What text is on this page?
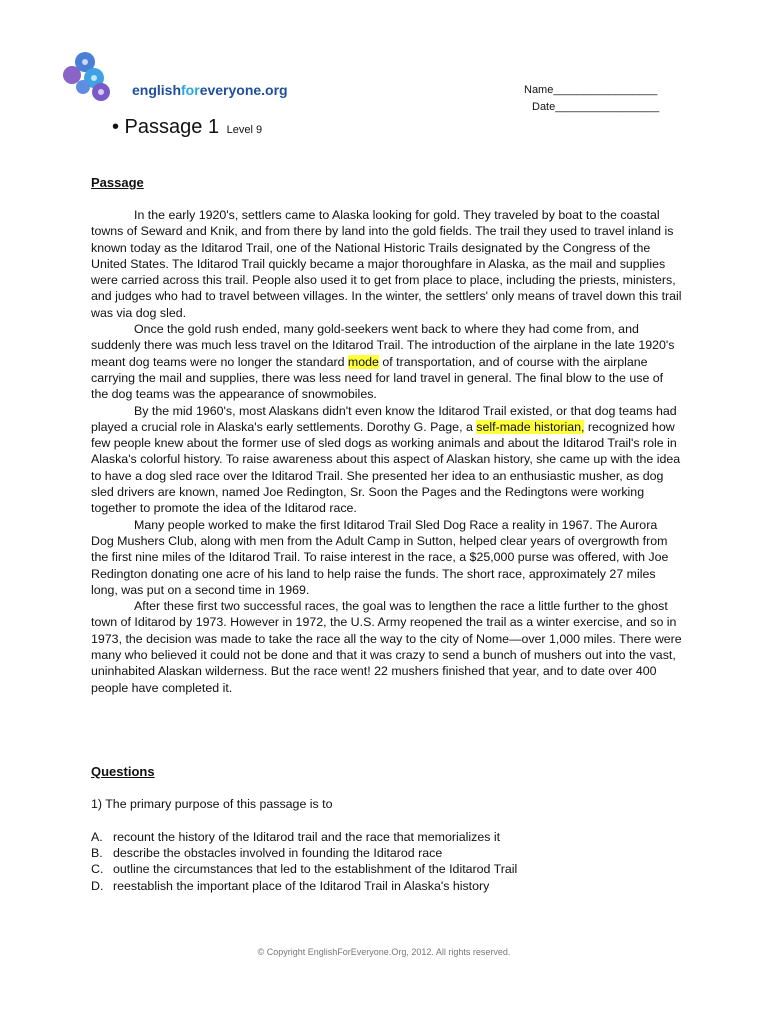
englishforeveryone.org	Name_________________
Date_________________
• Passage 1 Level 9
Passage

In the early 1920's, settlers came to Alaska looking for gold. They traveled by boat to the coastal towns of Seward and Knik, and from there by land into the gold fields. The trail they used to travel inland is known today as the Iditarod Trail, one of the National Historic Trails designated by the Congress of the United States. The Iditarod Trail quickly became a major thoroughfare in Alaska, as the mail and supplies were carried across this trail. People also used it to get from place to place, including the priests, ministers, and judges who had to travel between villages. In the winter, the settlers' only means of travel down this trail was via dog sled.

Once the gold rush ended, many gold-seekers went back to where they had come from, and suddenly there was much less travel on the Iditarod Trail. The introduction of the airplane in the late 1920's meant dog teams were no longer the standard mode of transportation, and of course with the airplane carrying the mail and supplies, there was less need for land travel in general. The final blow to the use of the dog teams was the appearance of snowmobiles.

By the mid 1960's, most Alaskans didn't even know the Iditarod Trail existed, or that dog teams had played a crucial role in Alaska's early settlements. Dorothy G. Page, a self-made historian, recognized how few people knew about the former use of sled dogs as working animals and about the Iditarod Trail's role in Alaska's colorful history. To raise awareness about this aspect of Alaskan history, she came up with the idea to have a dog sled race over the Iditarod Trail. She presented her idea to an enthusiastic musher, as dog sled drivers are known, named Joe Redington, Sr. Soon the Pages and the Redingtons were working together to promote the idea of the Iditarod race.

Many people worked to make the first Iditarod Trail Sled Dog Race a reality in 1967. The Aurora Dog Mushers Club, along with men from the Adult Camp in Sutton, helped clear years of overgrowth from the first nine miles of the Iditarod Trail. To raise interest in the race, a $25,000 purse was offered, with Joe Redington donating one acre of his land to help raise the funds. The short race, approximately 27 miles long, was put on a second time in 1969.

After these first two successful races, the goal was to lengthen the race a little further to the ghost town of Iditarod by 1973. However in 1972, the U.S. Army reopened the trail as a winter exercise, and so in 1973, the decision was made to take the race all the way to the city of Nome—over 1,000 miles. There were many who believed it could not be done and that it was crazy to send a bunch of mushers out into the vast, uninhabited Alaskan wilderness. But the race went! 22 mushers finished that year, and to date over 400 people have completed it.

Questions
1) The primary purpose of this passage is to
A. recount the history of the Iditarod trail and the race that memorializes it
B. describe the obstacles involved in founding the Iditarod race
C. outline the circumstances that led to the establishment of the Iditarod Trail
D. reestablish the important place of the Iditarod Trail in Alaska's history
© Copyright EnglishForEveryone.Org, 2012. All rights reserved.
